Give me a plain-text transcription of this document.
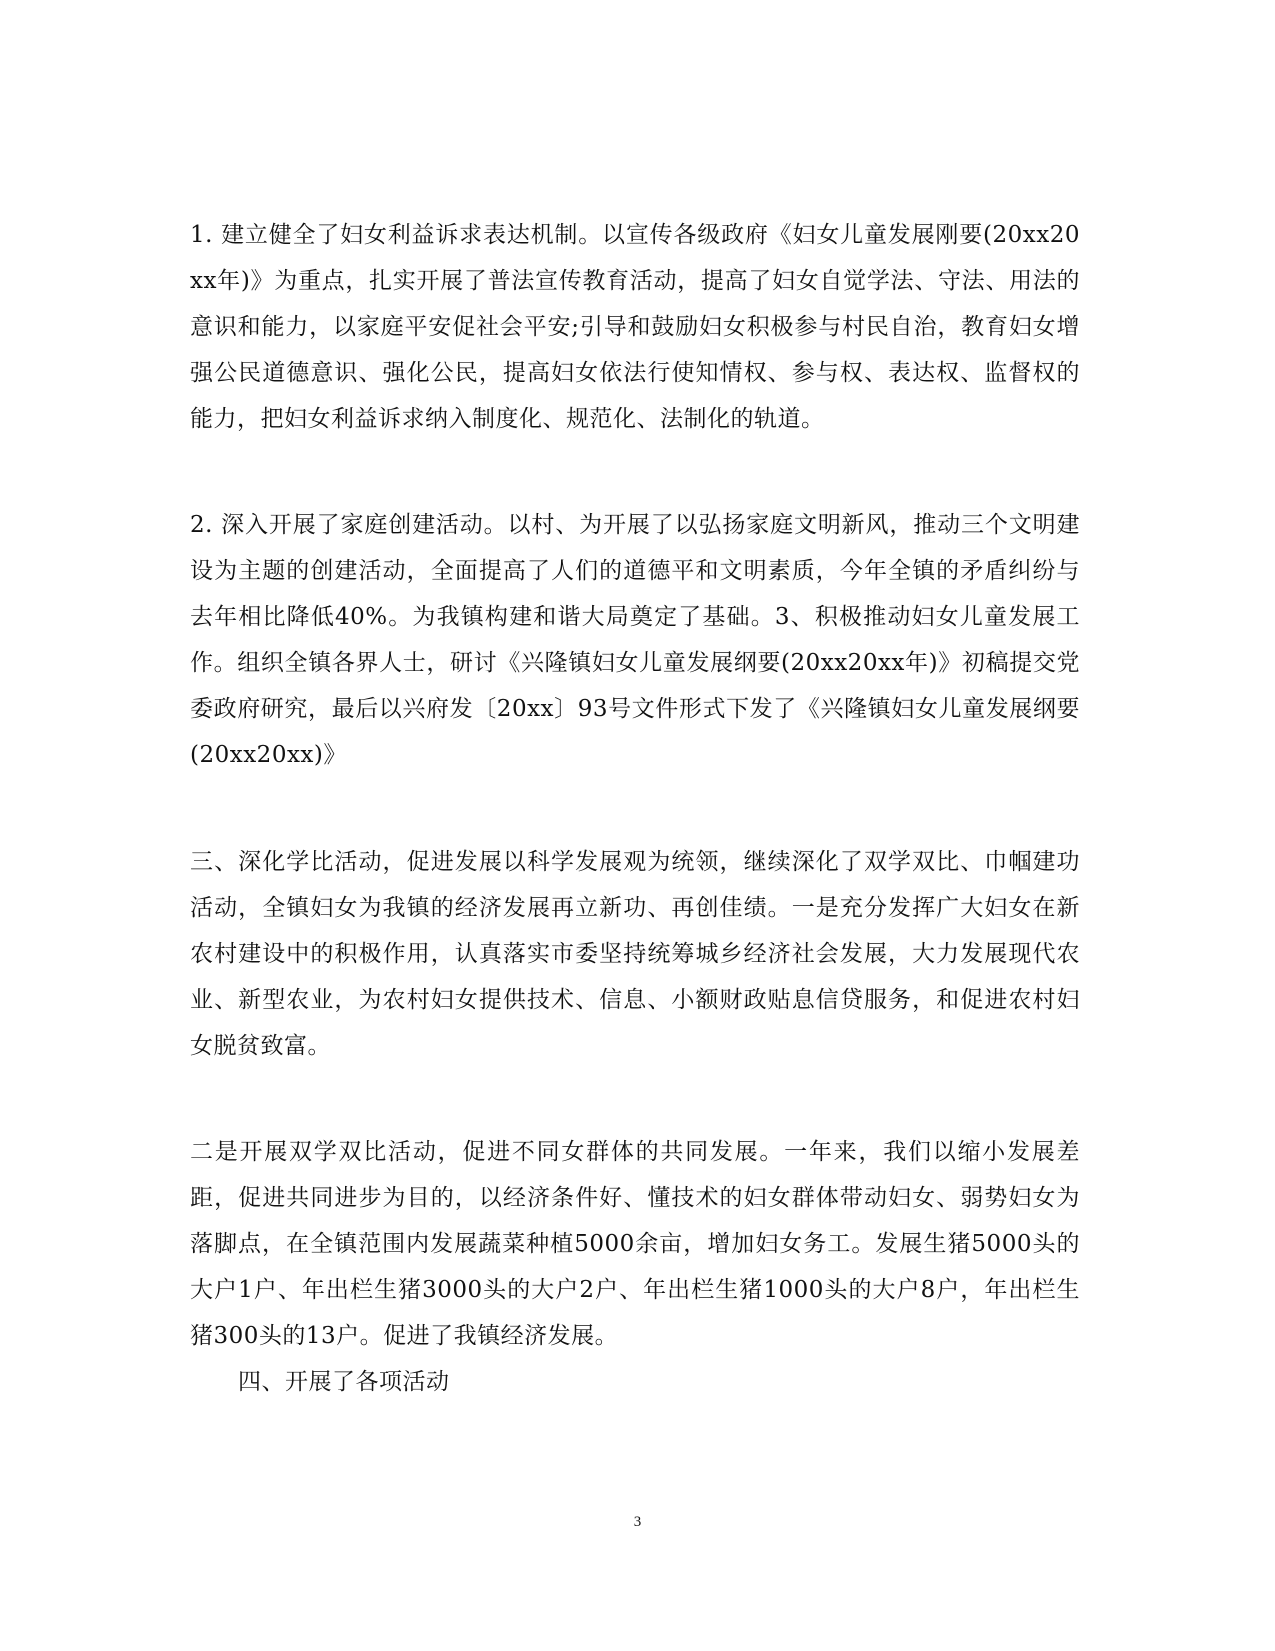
1. 建立健全了妇女利益诉求表达机制。以宣传各级政府《妇女儿童发展刚要(20xx20xx年)》为重点，扎实开展了普法宣传教育活动，提高了妇女自觉学法、守法、用法的意识和能力，以家庭平安促社会平安;引导和鼓励妇女积极参与村民自治，教育妇女增强公民道德意识、强化公民，提高妇女依法行使知情权、参与权、表达权、监督权的能力，把妇女利益诉求纳入制度化、规范化、法制化的轨道。

2. 深入开展了家庭创建活动。以村、为开展了以弘扬家庭文明新风，推动三个文明建设为主题的创建活动，全面提高了人们的道德平和文明素质，今年全镇的矛盾纠纷与去年相比降低40%。为我镇构建和谐大局奠定了基础。3、积极推动妇女儿童发展工作。组织全镇各界人士，研讨《兴隆镇妇女儿童发展纲要(20xx20xx年)》初稿提交党委政府研究，最后以兴府发〔20xx〕93号文件形式下发了《兴隆镇妇女儿童发展纲要(20xx20xx)》

三、深化学比活动，促进发展以科学发展观为统领，继续深化了双学双比、巾帼建功活动，全镇妇女为我镇的经济发展再立新功、再创佳绩。一是充分发挥广大妇女在新农村建设中的积极作用，认真落实市委坚持统筹城乡经济社会发展，大力发展现代农业、新型农业，为农村妇女提供技术、信息、小额财政贴息信贷服务，和促进农村妇女脱贫致富。

二是开展双学双比活动，促进不同女群体的共同发展。一年来，我们以缩小发展差距，促进共同进步为目的，以经济条件好、懂技术的妇女群体带动妇女、弱势妇女为落脚点，在全镇范围内发展蔬菜种植5000余亩，增加妇女务工。发展生猪5000头的大户1户、年出栏生猪3000头的大户2户、年出栏生猪1000头的大户8户，年出栏生猪300头的13户。促进了我镇经济发展。

四、开展了各项活动

3
